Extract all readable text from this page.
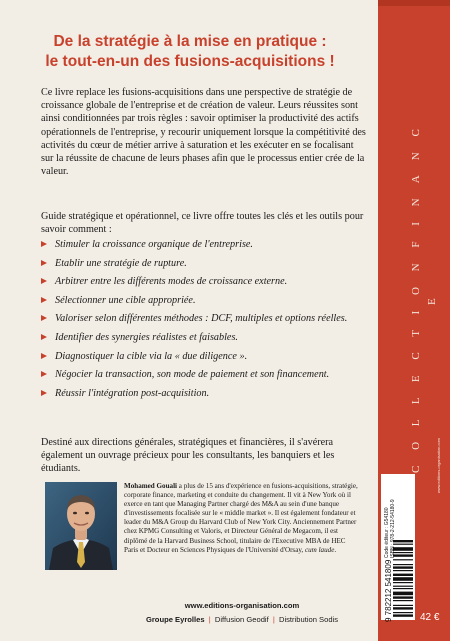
C O L L E C T I O N F I N A N C E
www.editions-organisation.com
De la stratégie à la mise en pratique :
le tout-en-un des fusions-acquisitions !

Ce livre replace les fusions-acquisitions dans une perspective de stratégie de croissance globale de l'entreprise et de création de valeur. Leurs réussites sont ainsi conditionnées par trois règles : savoir optimiser la productivité des actifs opérationnels de l'entreprise, y recourir uniquement lorsque la compétitivité des activités du cœur de métier arrive à saturation et les exécuter en se focalisant sur la réussite de chacune de leurs phases afin que le processus entier crée de la valeur.

Guide stratégique et opérationnel, ce livre offre toutes les clés et les outils pour savoir comment :

Stimuler la croissance organique de l'entreprise.
Etablir une stratégie de rupture.
Arbitrer entre les différents modes de croissance externe.
Sélectionner une cible appropriée.
Valoriser selon différentes méthodes : DCF, multiples et options réelles.
Identifier des synergies réalistes et faisables.
Diagnostiquer la cible via la « due diligence ».
Négocier la transaction, son mode de paiement et son financement.
Réussir l'intégration post-acquisition.

Destiné aux directions générales, stratégiques et financières, il s'avérera également un ouvrage précieux pour les consultants, les banquiers et les étudiants.

Mohamed Gouali a plus de 15 ans d'expérience en fusions-acquisitions, stratégie, corporate finance, marketing et conduite du changement. Il vit à New York où il exerce en tant que Managing Partner chargé des M&A au sein d'une banque d'investissements focalisée sur le « middle market ». Il est également fondateur et leader du M&A Group du Harvard Club of New York City. Anciennement Partner chez KPMG Consulting et Valoris, et Directeur Général de Megacom, il est diplômé de la Harvard Business School, titulaire de l'Executive MBA de HEC Paris et Docteur en Sciences Physiques de l'Université d'Orsay, cum laude.

www.editions-organisation.com
Groupe Eyrolles | Diffusion Geodif | Distribution Sodis
Code éditeur : G54180 ISBN : 978-2-212-54180-9
9 782212 541809	42 €
